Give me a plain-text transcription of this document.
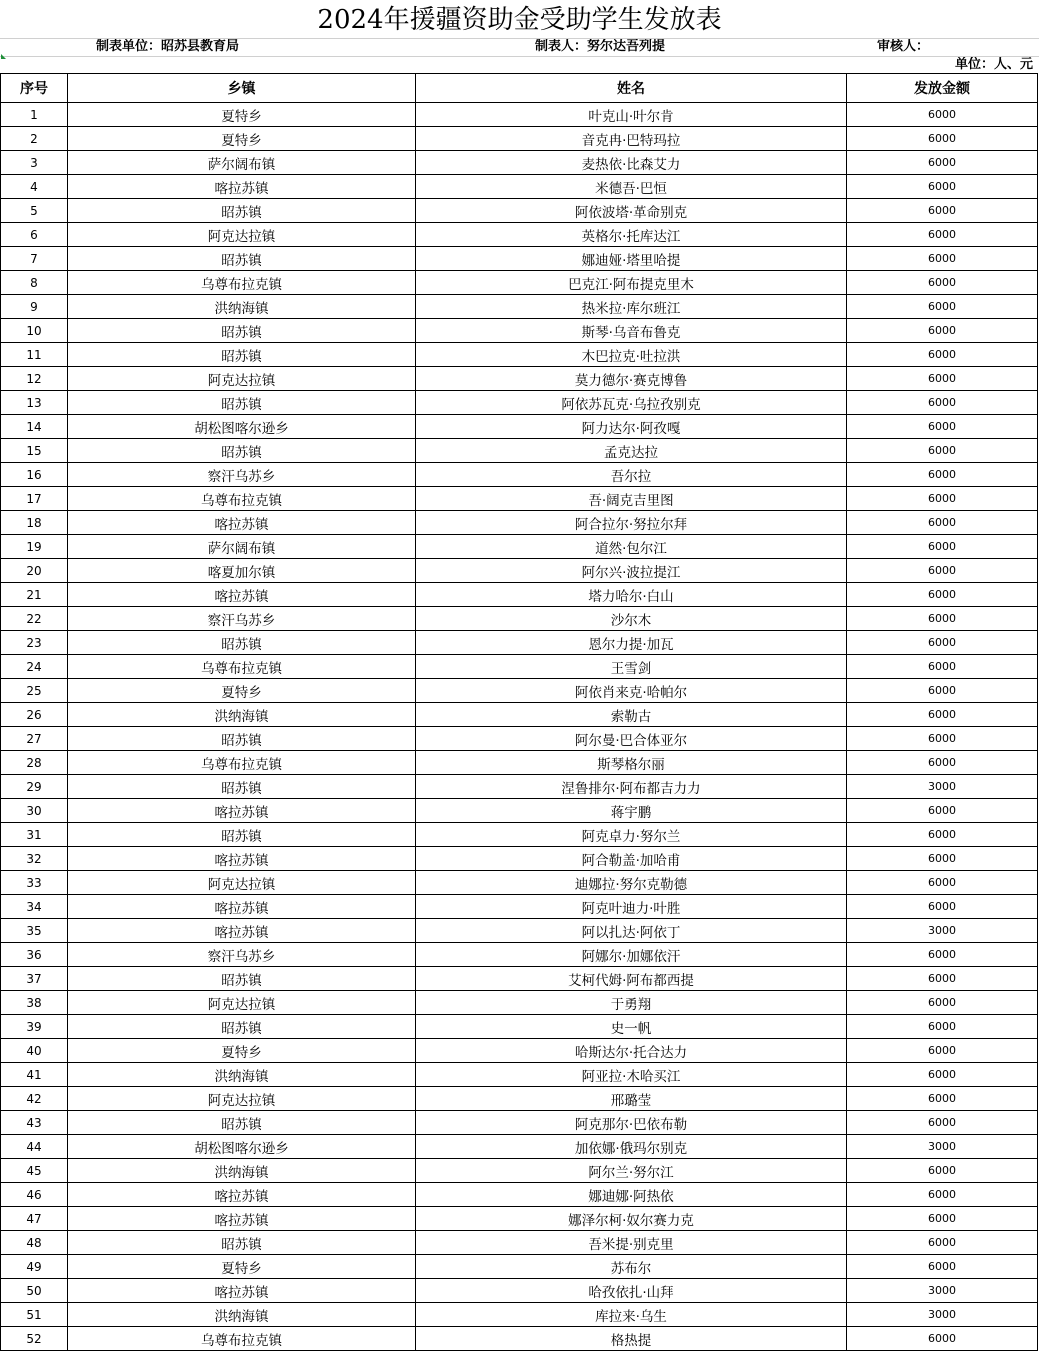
2024年援疆资助金受助学生发放表
制表单位：昭苏县教育局	制表人：努尔达吾列提	审核人：
单位：人、元
序号	乡镇	姓名	发放金额
1	夏特乡	叶克山·叶尔肯	6000
2	夏特乡	音克冉·巴特玛拉	6000
3	萨尔阔布镇	麦热依·比森艾力	6000
4	喀拉苏镇	米德吾·巴恒	6000
5	昭苏镇	阿依波塔·革命别克	6000
6	阿克达拉镇	英格尔·托库达江	6000
7	昭苏镇	娜迪娅·塔里哈提	6000
8	乌尊布拉克镇	巴克江·阿布提克里木	6000
9	洪纳海镇	热米拉·库尔班江	6000
10	昭苏镇	斯琴·乌音布鲁克	6000
11	昭苏镇	木巴拉克·吐拉洪	6000
12	阿克达拉镇	莫力德尔·赛克博鲁	6000
13	昭苏镇	阿依苏瓦克·乌拉孜别克	6000
14	胡松图喀尔逊乡	阿力达尔·阿孜嘎	6000
15	昭苏镇	孟克达拉	6000
16	察汗乌苏乡	吾尔拉	6000
17	乌尊布拉克镇	吾·阔克吉里图	6000
18	喀拉苏镇	阿合拉尔·努拉尔拜	6000
19	萨尔阔布镇	道然·包尔江	6000
20	喀夏加尔镇	阿尔兴·波拉提江	6000
21	喀拉苏镇	塔力哈尔·白山	6000
22	察汗乌苏乡	沙尔木	6000
23	昭苏镇	恩尔力提·加瓦	6000
24	乌尊布拉克镇	王雪剑	6000
25	夏特乡	阿依肖来克·哈帕尔	6000
26	洪纳海镇	索勒古	6000
27	昭苏镇	阿尔曼·巴合体亚尔	6000
28	乌尊布拉克镇	斯琴格尔丽	6000
29	昭苏镇	涅鲁排尔·阿布都吉力力	3000
30	喀拉苏镇	蒋宇鹏	6000
31	昭苏镇	阿克卓力·努尔兰	6000
32	喀拉苏镇	阿合勒盖·加哈甫	6000
33	阿克达拉镇	迪娜拉·努尔克勒德	6000
34	喀拉苏镇	阿克叶迪力·叶胜	6000
35	喀拉苏镇	阿以扎达·阿依丁	3000
36	察汗乌苏乡	阿娜尔·加娜依汗	6000
37	昭苏镇	艾柯代姆·阿布都西提	6000
38	阿克达拉镇	于勇翔	6000
39	昭苏镇	史一帆	6000
40	夏特乡	哈斯达尔·托合达力	6000
41	洪纳海镇	阿亚拉·木哈买江	6000
42	阿克达拉镇	邢璐莹	6000
43	昭苏镇	阿克那尔·巴依布勒	6000
44	胡松图喀尔逊乡	加依娜·俄玛尔别克	3000
45	洪纳海镇	阿尔兰·努尔江	6000
46	喀拉苏镇	娜迪娜·阿热依	6000
47	喀拉苏镇	娜泽尔柯·奴尔赛力克	6000
48	昭苏镇	吾米提·别克里	6000
49	夏特乡	苏布尔	6000
50	喀拉苏镇	哈孜依扎·山拜	3000
51	洪纳海镇	库拉来·乌生	3000
52	乌尊布拉克镇	格热提	6000
